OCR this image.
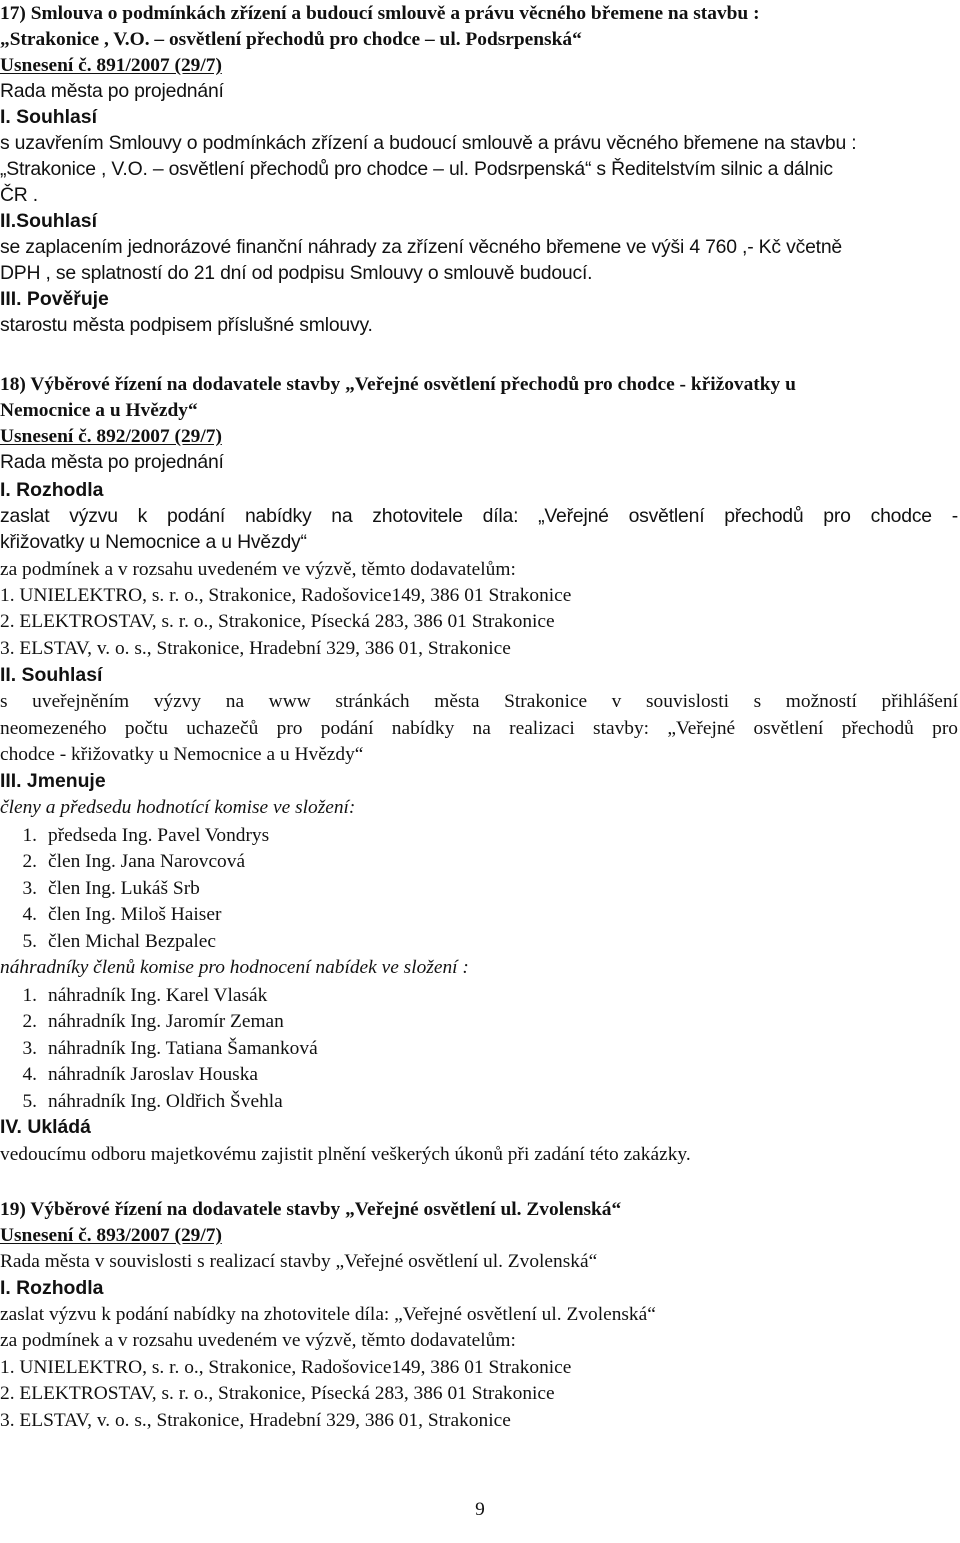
17) Smlouva o podmínkách zřízení a budoucí smlouvě a právu věcného břemene na stavbu :
„Strakonice , V.O. – osvětlení přechodů pro chodce – ul. Podsrpenská“
Usnesení č. 891/2007 (29/7)
Rada města po projednání
I. Souhlasí
s uzavřením Smlouvy o podmínkách zřízení a budoucí smlouvě a právu věcného břemene na stavbu :
„Strakonice , V.O. – osvětlení přechodů pro chodce – ul. Podsrpenská“ s Ředitelstvím silnic a dálnic
ČR .
II.Souhlasí
se zaplacením jednorázové finanční náhrady za zřízení věcného břemene ve výši 4 760 ,- Kč včetně
DPH , se splatností do 21 dní od podpisu Smlouvy o smlouvě budoucí.
III. Pověřuje
starostu města podpisem příslušné smlouvy.
18) Výběrové řízení na dodavatele stavby „Veřejné osvětlení přechodů pro chodce - křižovatky u
Nemocnice a u Hvězdy“
Usnesení č. 892/2007 (29/7)
Rada města po projednání
I. Rozhodla
zaslat výzvu k podání nabídky na zhotovitele díla: „Veřejné osvětlení přechodů pro chodce -
křižovatky u Nemocnice a u Hvězdy“
za podmínek a v rozsahu uvedeném ve výzvě, těmto dodavatelům:
1. UNIELEKTRO, s. r. o., Strakonice, Radošovice149, 386 01 Strakonice
2. ELEKTROSTAV, s. r. o., Strakonice, Písecká 283, 386 01 Strakonice
3. ELSTAV, v. o. s., Strakonice, Hradební 329, 386 01, Strakonice
II. Souhlasí
s uveřejněním výzvy na www stránkách města Strakonice v souvislosti s možností přihlášení
neomezeného počtu uchazečů pro podání nabídky na realizaci stavby: „Veřejné osvětlení přechodů pro
chodce - křižovatky u Nemocnice a u Hvězdy“
III. Jmenuje
členy a předsedu hodnotící komise ve složení:
1. předseda Ing. Pavel Vondrys
2. člen Ing. Jana Narovcová
3. člen Ing. Lukáš Srb
4. člen Ing. Miloš Haiser
5. člen Michal Bezpalec
náhradníky členů komise pro hodnocení nabídek ve složení :
1. náhradník Ing. Karel Vlasák
2. náhradník Ing. Jaromír Zeman
3. náhradník Ing. Tatiana Šamanková
4. náhradník Jaroslav Houska
5. náhradník Ing. Oldřich Švehla
IV. Ukládá
vedoucímu odboru majetkovému zajistit plnění veškerých úkonů při zadání této zakázky.
19) Výběrové řízení na dodavatele stavby „Veřejné osvětlení ul. Zvolenská“
Usnesení č. 893/2007 (29/7)
Rada města v souvislosti s realizací stavby „Veřejné osvětlení ul. Zvolenská“
I. Rozhodla
zaslat výzvu k podání nabídky na zhotovitele díla: „Veřejné osvětlení ul. Zvolenská“
za podmínek a v rozsahu uvedeném ve výzvě, těmto dodavatelům:
1. UNIELEKTRO, s. r. o., Strakonice, Radošovice149, 386 01 Strakonice
2. ELEKTROSTAV, s. r. o., Strakonice, Písecká 283, 386 01 Strakonice
3. ELSTAV, v. o. s., Strakonice, Hradební 329, 386 01, Strakonice
9
